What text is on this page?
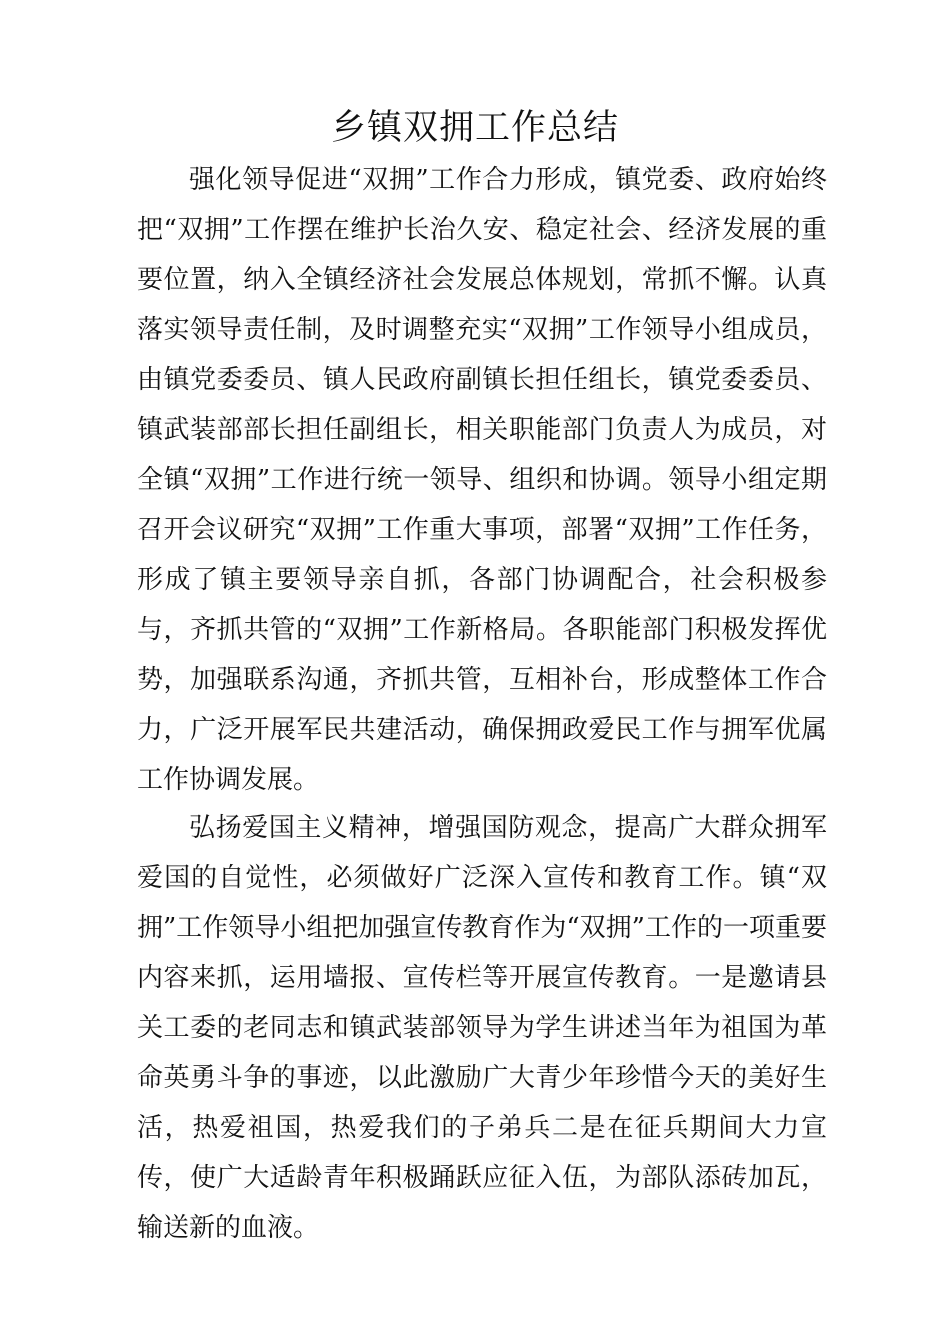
乡镇双拥工作总结

强化领导促进“双拥”工作合力形成，镇党委、政府始终把“双拥”工作摆在维护长治久安、稳定社会、经济发展的重要位置，纳入全镇经济社会发展总体规划，常抓不懈。认真落实领导责任制，及时调整充实“双拥”工作领导小组成员，由镇党委委员、镇人民政府副镇长担任组长，镇党委委员、镇武装部部长担任副组长，相关职能部门负责人为成员，对全镇“双拥”工作进行统一领导、组织和协调。领导小组定期召开会议研究“双拥”工作重大事项，部署“双拥”工作任务，形成了镇主要领导亲自抓，各部门协调配合，社会积极参与，齐抓共管的“双拥”工作新格局。各职能部门积极发挥优势，加强联系沟通，齐抓共管，互相补台，形成整体工作合力，广泛开展军民共建活动，确保拥政爱民工作与拥军优属工作协调发展。

弘扬爱国主义精神，增强国防观念，提高广大群众拥军爱国的自觉性，必须做好广泛深入宣传和教育工作。镇“双拥”工作领导小组把加强宣传教育作为“双拥”工作的一项重要内容来抓，运用墙报、宣传栏等开展宣传教育。一是邀请县关工委的老同志和镇武装部领导为学生讲述当年为祖国为革命英勇斗争的事迹，以此激励广大青少年珍惜今天的美好生活，热爱祖国，热爱我们的子弟兵二是在征兵期间大力宣传，使广大适龄青年积极踊跃应征入伍，为部队添砖加瓦，输送新的血液。
